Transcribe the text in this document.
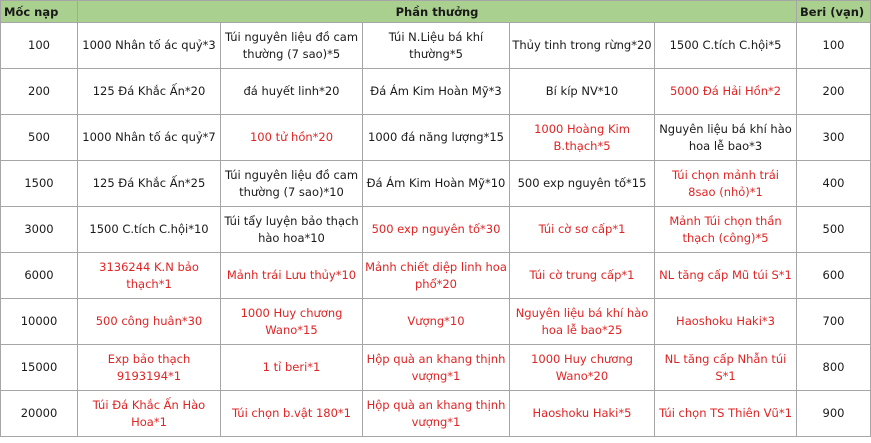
Mốc nạp	Phần thưởng					Beri (vạn)
100	1000 Nhân tố ác quỷ*3	Túi nguyên liệu đồ cam thường (7 sao)*5	Túi N.Liệu bá khí thường*5	Thủy tinh trong rừng*20	1500 C.tích C.hội*5	100
200	125 Đá Khắc Ấn*20	đá huyết linh*20	Đá Ám Kim Hoàn Mỹ*3	Bí kíp NV*10	5000 Đá Hải Hồn*2	200
500	1000 Nhân tố ác quỷ*7	100 tử hồn*20	1000 đá năng lượng*15	1000 Hoàng Kim B.thạch*5	Nguyên liệu bá khí hào hoa lễ bao*3	300
1500	125 Đá Khắc Ấn*25	Túi nguyên liệu đồ cam thường (7 sao)*10	Đá Ám Kim Hoàn Mỹ*10	500 exp nguyên tố*15	Túi chọn mảnh trái 8sao (nhỏ)*1	400
3000	1500 C.tích C.hội*10	Túi tẩy luyện bảo thạch hào hoa*10	500 exp nguyên tố*30	Túi cờ sơ cấp*1	Mảnh Túi chọn thần thạch (công)*5	500
6000	3136244 K.N bảo thạch*1	Mảnh trái Lưu thủy*10	Mảnh chiết diệp linh hoa phổ*20	Túi cờ trung cấp*1	NL tăng cấp Mũ túi S*1	600
10000	500 công huân*30	1000 Huy chương Wano*15	Vượng*10	Nguyên liệu bá khí hào hoa lễ bao*25	Haoshoku Haki*3	700
15000	Exp bảo thạch 9193194*1	1 tỉ beri*1	Hộp quà an khang thịnh vượng*1	1000 Huy chương Wano*20	NL tăng cấp Nhẫn túi S*1	800
20000	Túi Đá Khắc Ấn Hào Hoa*1	Túi chọn b.vật 180*1	Hộp quà an khang thịnh vượng*1	Haoshoku Haki*5	Túi chọn TS Thiên Vũ*1	900
